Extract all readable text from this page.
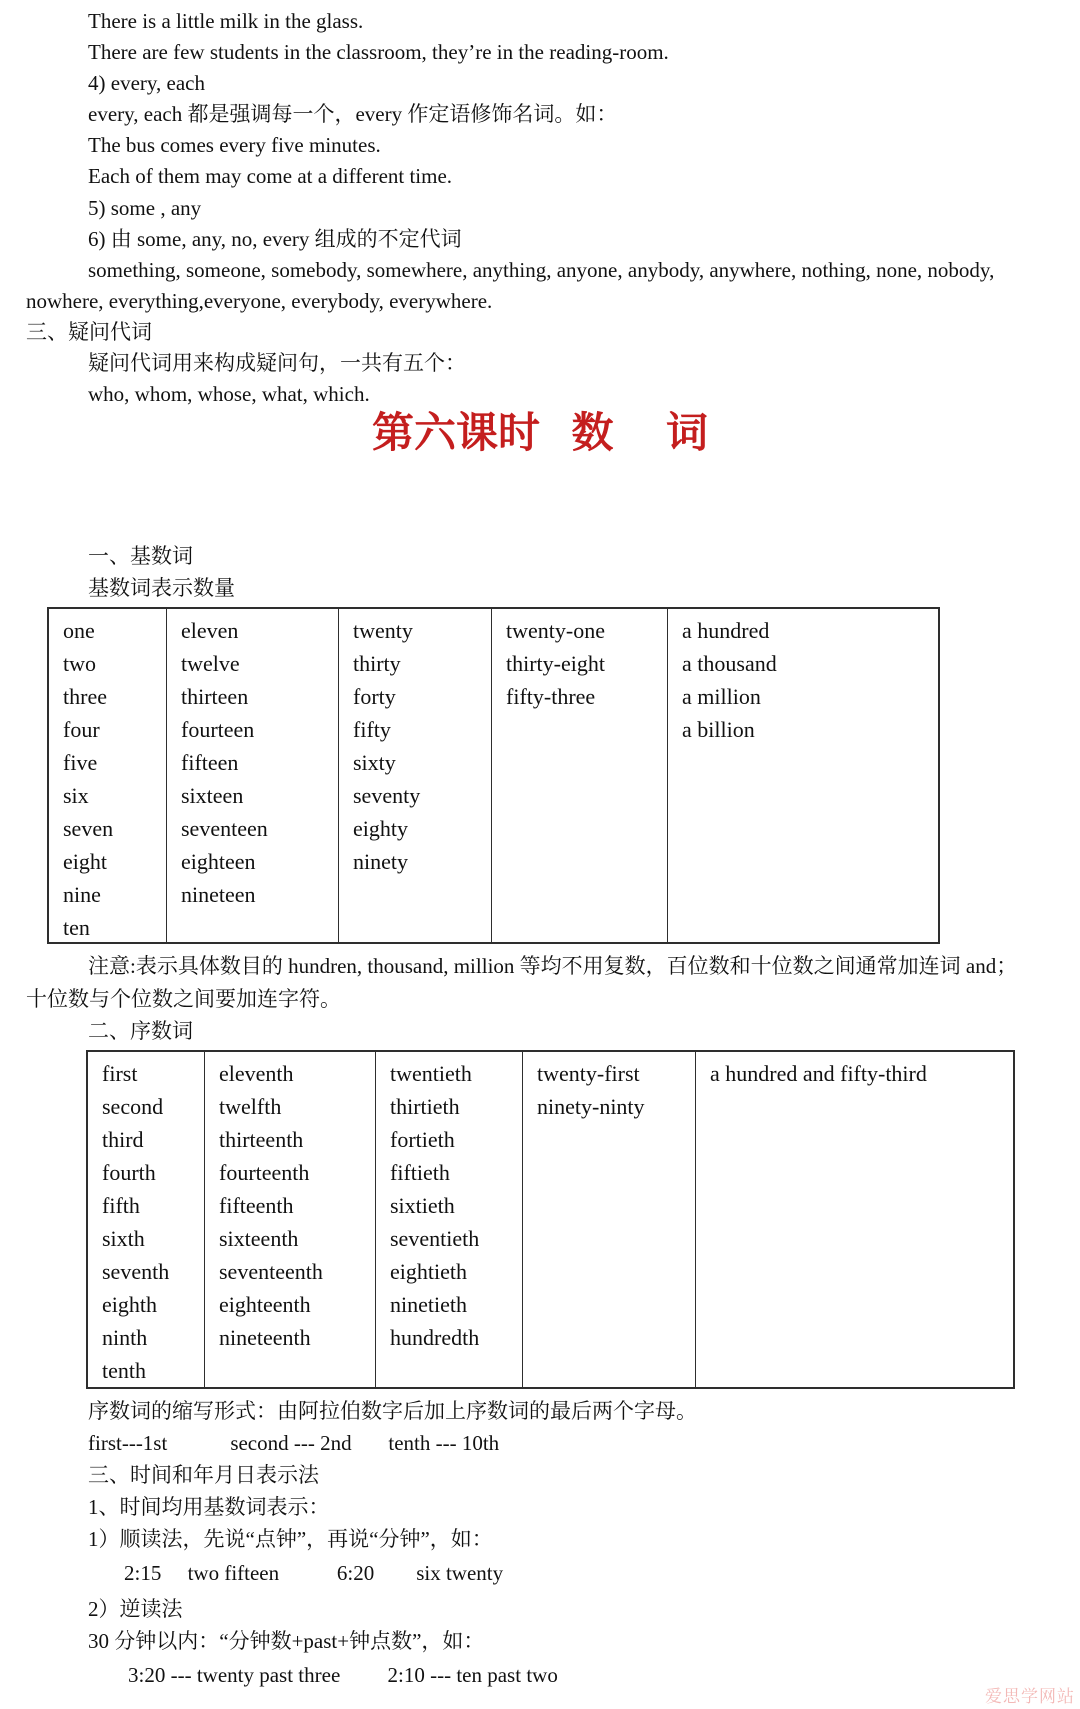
There is a little milk in the glass.
There are few students in the classroom, they’re in the reading-room.
4) every, each
every, each 都是强调每一个，every 作定语修饰名词。如：
The bus comes every five minutes.
Each of them may come at a different time.
5) some , any
6) 由 some, any, no, every 组成的不定代词
something, someone, somebody, somewhere, anything, anyone, anybody, anywhere, nothing, none, nobody,
nowhere, everything,everyone, everybody, everywhere.
三、疑问代词
疑问代词用来构成疑问句，一共有五个：
who, whom, whose, what, which.
第六课时   数     词
一、基数词
基数词表示数量
one
two
three
four
five
six
seven
eight
nine
ten
eleven
twelve
thirteen
fourteen
fifteen
sixteen
seventeen
eighteen
nineteen
twenty
thirty
forty
fifty
sixty
seventy
eighty
ninety
twenty-one
thirty-eight
fifty-three
a hundred
a thousand
a million
a billion
注意:表示具体数目的 hundren, thousand, million 等均不用复数，百位数和十位数之间通常加连词 and；
十位数与个位数之间要加连字符。
二、序数词
first
second
third
fourth
fifth
sixth
seventh
eighth
ninth
tenth
eleventh
twelfth
thirteenth
fourteenth
fifteenth
sixteenth
seventeenth
eighteenth
nineteenth
twentieth
thirtieth
fortieth
fiftieth
sixtieth
seventieth
eightieth
ninetieth
hundredth
twenty-first
ninety-ninty
a hundred and fifty-third
序数词的缩写形式：由阿拉伯数字后加上序数词的最后两个字母。
first---1st            second --- 2nd       tenth --- 10th
三、时间和年月日表示法
1、时间均用基数词表示：
1）顺读法，先说“点钟”，再说“分钟”，如：
2:15     two fifteen           6:20        six twenty
2）逆读法
30 分钟以内：“分钟数+past+钟点数”，如：
3:20 --- twenty past three         2:10 --- ten past two
爱思学网站
